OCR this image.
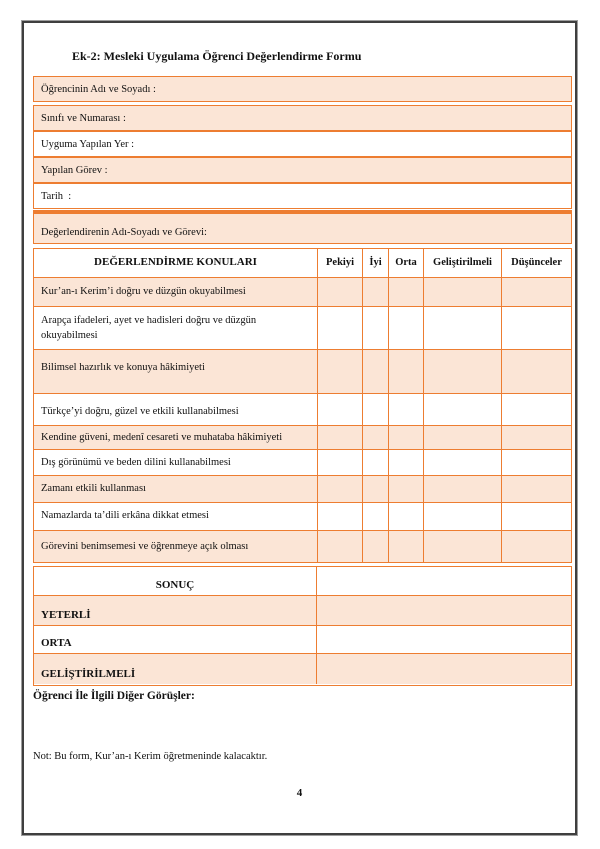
Ek-2: Mesleki Uygulama Öğrenci Değerlendirme Formu
Öğrencinin Adı ve Soyadı :
Sınıfı ve Numarası :
Uyguma Yapılan Yer :
Yapılan Görev :
Tarih  :
Değerlendirenin Adı-Soyadı ve Görevi:
DEĞERLENDİRME KONULARI	Pekiyi	İyi	Orta	Geliştirilmeli	Düşünceler
Kur’an-ı Kerim’i doğru ve düzgün okuyabilmesi
Arapça ifadeleri, ayet ve hadisleri doğru ve düzgün okuyabilmesi
Bilimsel hazırlık ve konuya hâkimiyeti
Türkçe’yi doğru, güzel ve etkili kullanabilmesi
Kendine güveni, medenî cesareti ve muhataba hâkimiyeti
Dış görünümü ve beden dilini kullanabilmesi
Zamanı etkili kullanması
Namazlarda ta’dili erkâna dikkat etmesi
Görevini benimsemesi ve öğrenmeye açık olması
SONUÇ
YETERLİ
ORTA
GELİŞTİRİLMELİ
Öğrenci İle İlgili Diğer Görüşler:
Not: Bu form, Kur’an-ı Kerim öğretmeninde kalacaktır.
4
